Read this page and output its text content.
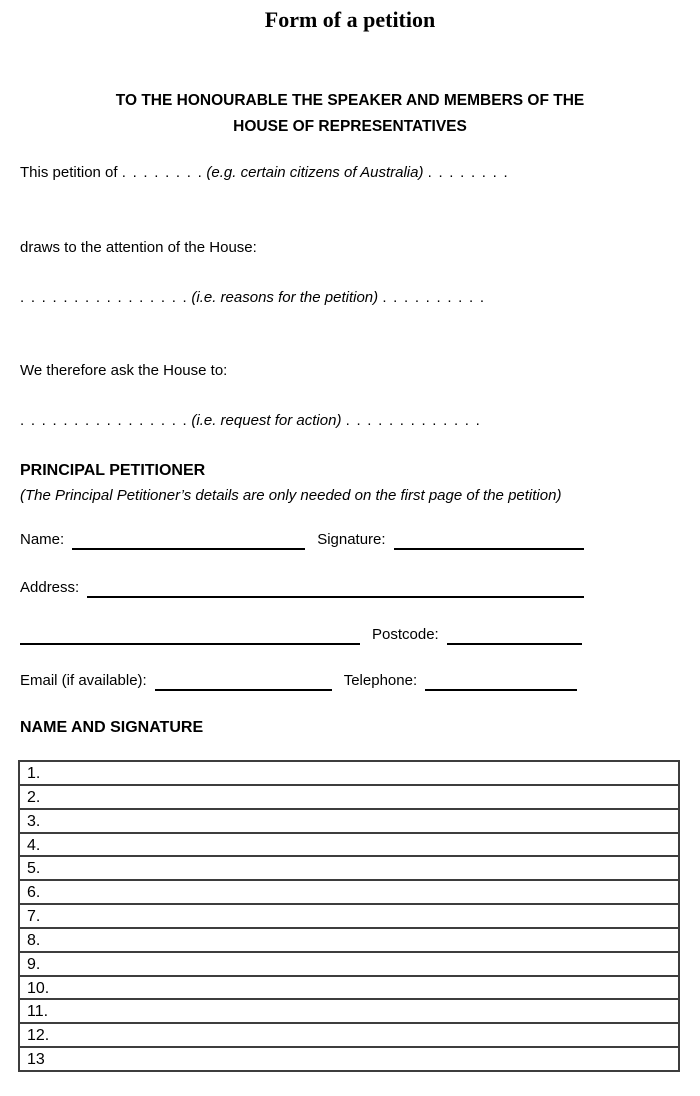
Form of a petition
TO THE HONOURABLE THE SPEAKER AND MEMBERS OF THE
HOUSE OF REPRESENTATIVES
This petition of . . . . . . . . (e.g. certain citizens of Australia) . . . . . . . .
draws to the attention of the House:
. . . . . . . . . . . . . . . . (i.e. reasons for the petition) . . . . . . . . . .
We therefore ask the House to:
. . . . . . . . . . . . . . . . (i.e. request for action) . . . . . . . . . . . . .
PRINCIPAL PETITIONER
(The Principal Petitioner’s details are only needed on the first page of the petition)
Name:	Signature:
Address:
Postcode:
Email (if available):	Telephone:
NAME AND SIGNATURE
1.
2.
3.
4.
5.
6.
7.
8.
9.
10.
11.
12.
13
